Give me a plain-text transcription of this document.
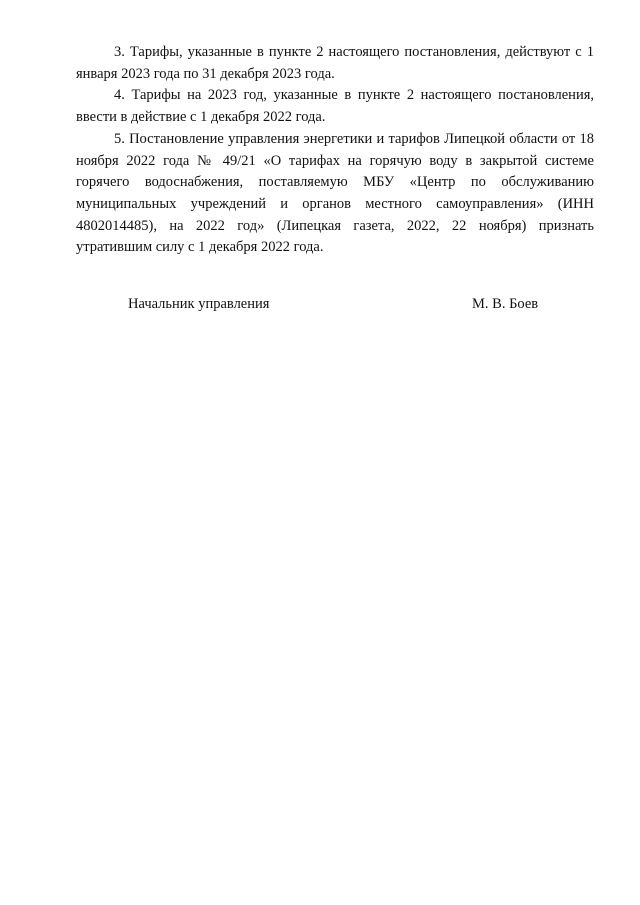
3. Тарифы, указанные в пункте 2 настоящего постановления, действуют с 1 января 2023 года по 31 декабря 2023 года.

4. Тарифы на 2023 год, указанные в пункте 2 настоящего постановления, ввести в действие с 1 декабря 2022 года.

5. Постановление управления энергетики и тарифов Липецкой области от 18 ноября 2022 года № 49/21 «О тарифах на горячую воду в закрытой системе горячего водоснабжения, поставляемую МБУ «Центр по обслуживанию муниципальных учреждений и органов местного самоуправления» (ИНН 4802014485), на 2022 год» (Липецкая газета, 2022, 22 ноября) признать утратившим силу с 1 декабря 2022 года.

Начальник управления	М. В. Боев
